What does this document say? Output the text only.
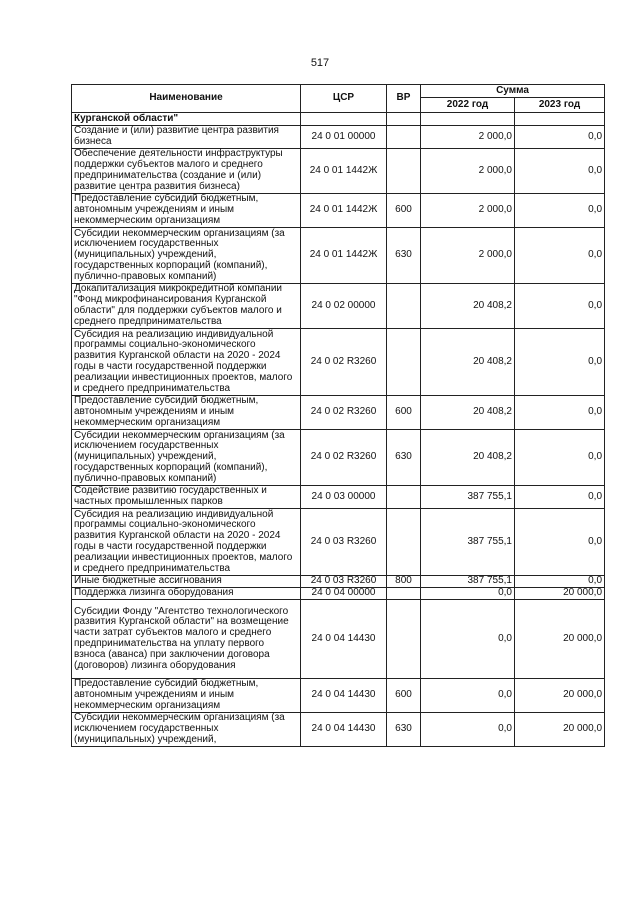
517
Наименование	ЦСР	ВР	Сумма	
			2022 год	2023 год
Курганской области"				
Создание и (или) развитие центра развития бизнеса	24 0 01 00000		2 000,0	0,0
Обеспечение деятельности инфраструктуры поддержки субъектов малого и среднего предпринимательства (создание и (или) развитие центра развития бизнеса)	24 0 01 1442Ж		2 000,0	0,0
Предоставление субсидий бюджетным, автономным учреждениям и иным некоммерческим организациям	24 0 01 1442Ж	600	2 000,0	0,0
Субсидии некоммерческим организациям (за исключением государственных (муниципальных) учреждений, государственных корпораций (компаний), публично-правовых компаний)	24 0 01 1442Ж	630	2 000,0	0,0
Докапитализация микрокредитной компании "Фонд микрофинансирования Курганской области" для поддержки субъектов малого и среднего предпринимательства	24 0 02 00000		20 408,2	0,0
Субсидия на реализацию индивидуальной программы социально-экономического развития Курганской области на 2020 - 2024 годы в части государственной поддержки реализации инвестиционных проектов, малого и среднего предпринимательства	24 0 02 R3260		20 408,2	0,0
Предоставление субсидий бюджетным, автономным учреждениям и иным некоммерческим организациям	24 0 02 R3260	600	20 408,2	0,0
Субсидии некоммерческим организациям (за исключением государственных (муниципальных) учреждений, государственных корпораций (компаний), публично-правовых компаний)	24 0 02 R3260	630	20 408,2	0,0
Содействие развитию государственных и частных промышленных парков	24 0 03 00000		387 755,1	0,0
Субсидия на реализацию индивидуальной программы социально-экономического развития Курганской области на 2020 - 2024 годы в части государственной поддержки реализации инвестиционных проектов, малого и среднего предпринимательства	24 0 03 R3260		387 755,1	0,0
Иные бюджетные ассигнования	24 0 03 R3260	800	387 755,1	0,0
Поддержка лизинга оборудования	24 0 04 00000		0,0	20 000,0
Субсидии Фонду "Агентство технологического развития Курганской области" на возмещение части затрат субъектов малого и среднего предпринимательства на уплату первого взноса (аванса) при заключении договора (договоров) лизинга оборудования	24 0 04 14430		0,0	20 000,0
Предоставление субсидий бюджетным, автономным учреждениям и иным некоммерческим организациям	24 0 04 14430	600	0,0	20 000,0
Субсидии некоммерческим организациям (за исключением государственных (муниципальных) учреждений,	24 0 04 14430	630	0,0	20 000,0
